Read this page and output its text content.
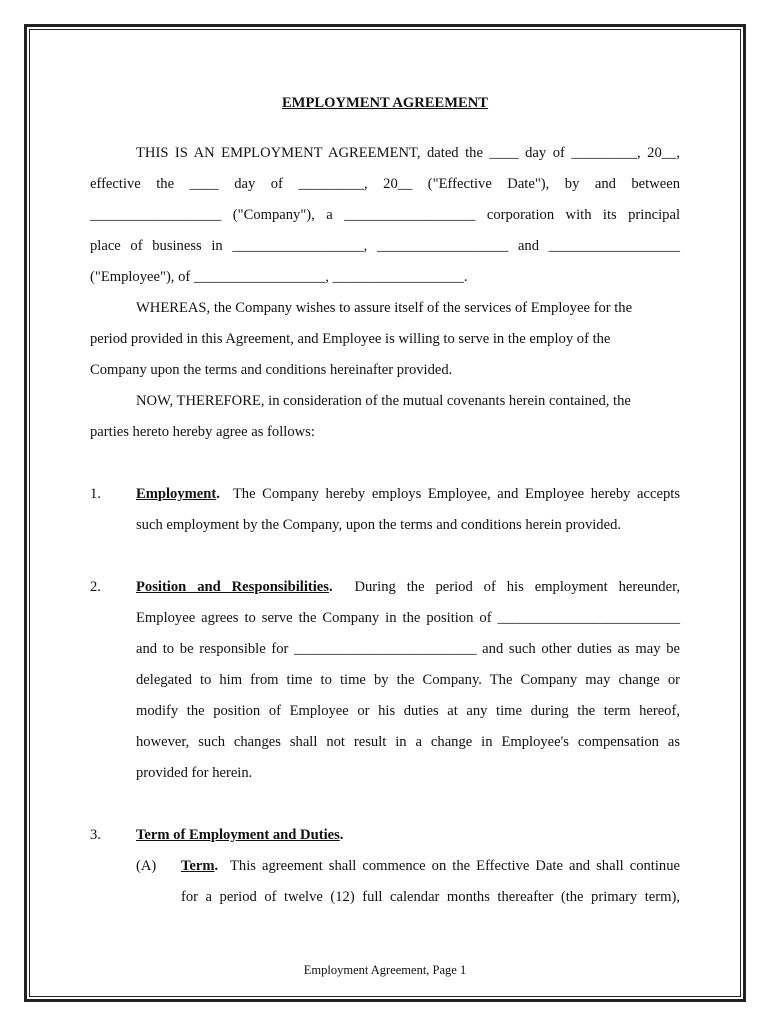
EMPLOYMENT AGREEMENT
THIS IS AN EMPLOYMENT AGREEMENT, dated the ____ day of _________, 20__,
effective the ____ day of _________, 20__ ("Effective Date"), by and between
__________________ ("Company"), a __________________ corporation with its principal
place of business in __________________, __________________ and __________________
("Employee"), of __________________, __________________.
WHEREAS, the Company wishes to assure itself of the services of Employee for the
period provided in this Agreement, and Employee is willing to serve in the employ of the
Company upon the terms and conditions hereinafter provided.
NOW, THEREFORE, in consideration of the mutual covenants herein contained, the
parties hereto hereby agree as follows:
1. Employment. The Company hereby employs Employee, and Employee hereby accepts
such employment by the Company, upon the terms and conditions herein provided.
2. Position and Responsibilities. During the period of his employment hereunder,
Employee agrees to serve the Company in the position of _________________________
and to be responsible for _________________________ and such other duties as may be
delegated to him from time to time by the Company. The Company may change or
modify the position of Employee or his duties at any time during the term hereof,
however, such changes shall not result in a change in Employee's compensation as
provided for herein.
3. Term of Employment and Duties.
(A) Term. This agreement shall commence on the Effective Date and shall continue
for a period of twelve (12) full calendar months thereafter (the primary term),
Employment Agreement, Page 1
